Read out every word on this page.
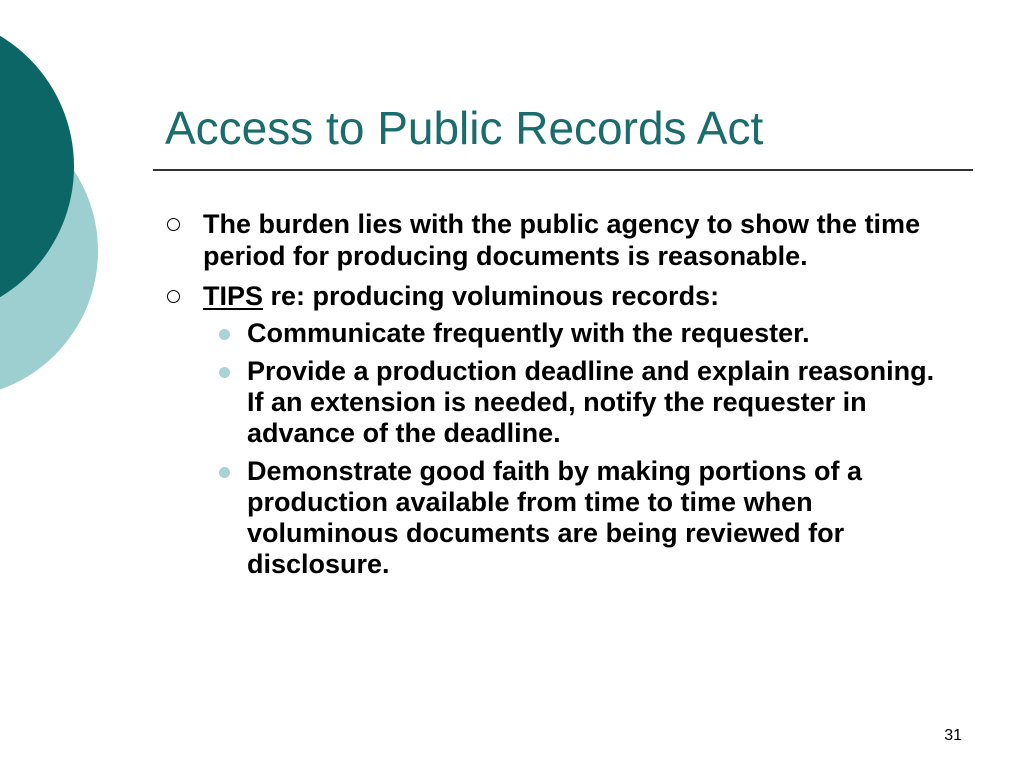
Access to Public Records Act
The burden lies with the public agency to show the time period for producing documents is reasonable.
TIPS re: producing voluminous records:
Communicate frequently with the requester.
Provide a production deadline and explain reasoning. If an extension is needed, notify the requester in advance of the deadline.
Demonstrate good faith by making portions of a production available from time to time when voluminous documents are being reviewed for disclosure.
31
